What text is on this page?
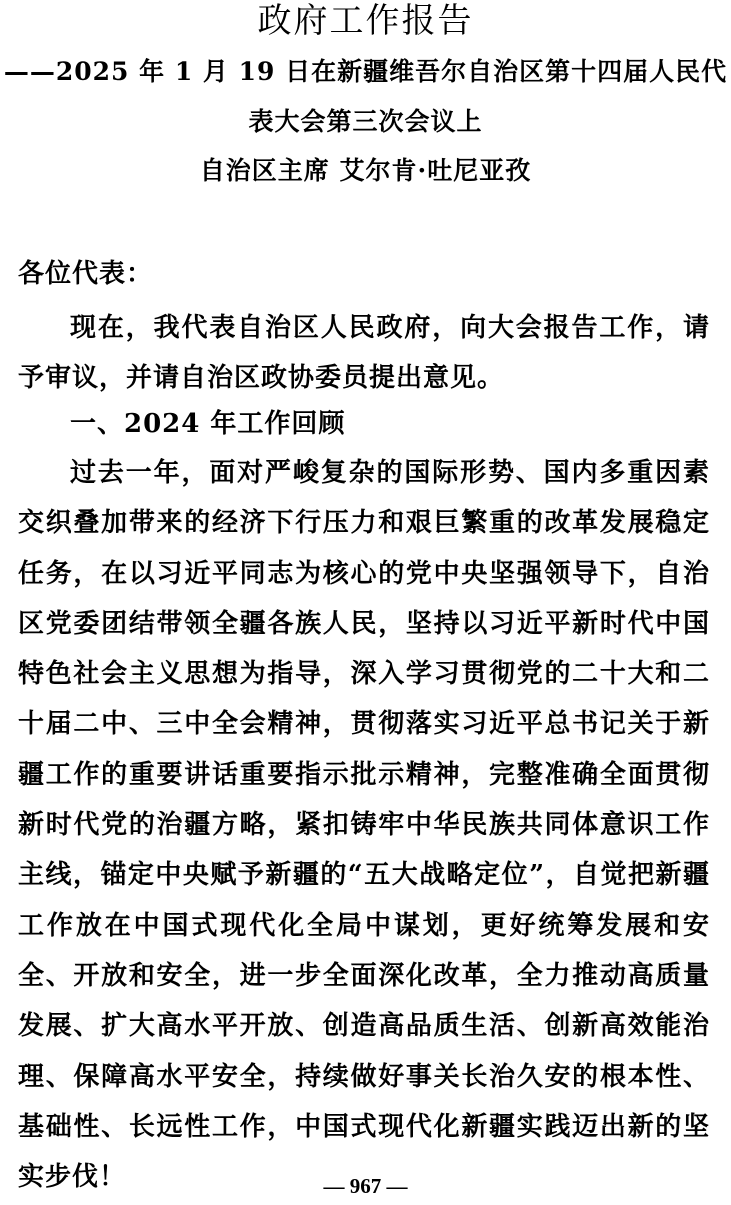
政府工作报告
——2025 年 1 月 19 日在新疆维吾尔自治区第十四届人民代
表大会第三次会议上
自治区主席 艾尔肯·吐尼亚孜
各位代表：
现在，我代表自治区人民政府，向大会报告工作，请予审议，并请自治区政协委员提出意见。
一、2024 年工作回顾
过去一年，面对严峻复杂的国际形势、国内多重因素交织叠加带来的经济下行压力和艰巨繁重的改革发展稳定任务，在以习近平同志为核心的党中央坚强领导下，自治区党委团结带领全疆各族人民，坚持以习近平新时代中国特色社会主义思想为指导，深入学习贯彻党的二十大和二十届二中、三中全会精神，贯彻落实习近平总书记关于新疆工作的重要讲话重要指示批示精神，完整准确全面贯彻新时代党的治疆方略，紧扣铸牢中华民族共同体意识工作主线，锚定中央赋予新疆的“五大战略定位”，自觉把新疆工作放在中国式现代化全局中谋划，更好统筹发展和安全、开放和安全，进一步全面深化改革，全力推动高质量发展、扩大高水平开放、创造高品质生活、创新高效能治理、保障高水平安全，持续做好事关长治久安的根本性、基础性、长远性工作，中国式现代化新疆实践迈出新的坚实步伐！	— 967 —
